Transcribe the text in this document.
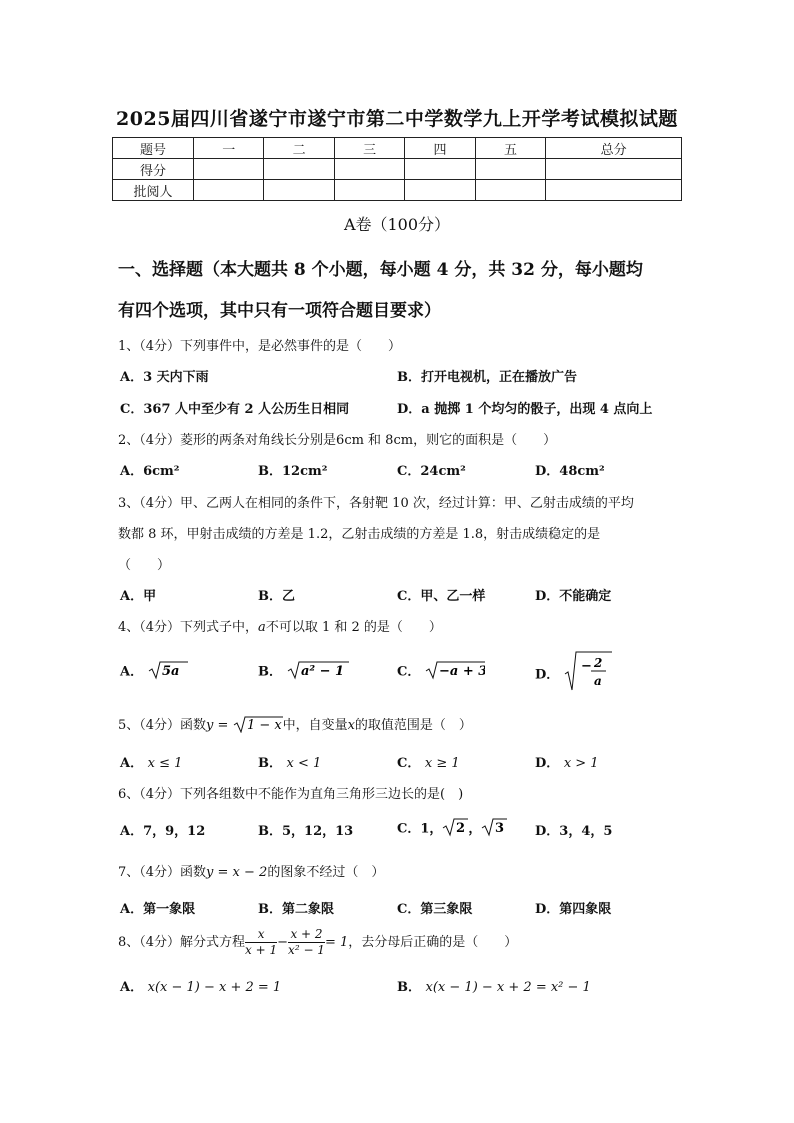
2025届四川省遂宁市遂宁市第二中学数学九上开学考试模拟试题
题号	一	二	三	四	五	总分
得分						
批阅人						
A卷（100分）
一、选择题（本大题共 8 个小题，每小题 4 分，共 32 分，每小题均
有四个选项，其中只有一项符合题目要求）
1、（4分）下列事件中，是必然事件的是（　　）
A．3 天内下雨	B．打开电视机，正在播放广告
C．367 人中至少有 2 人公历生日相同	D．a 抛掷 1 个均匀的骰子，出现 4 点向上
2、（4分）菱形的两条对角线长分别是6cm 和 8cm，则它的面积是（　　）
A．6cm²	B．12cm²	C．24cm²	D．48cm²
3、（4分）甲、乙两人在相同的条件下，各射靶 10 次，经过计算：甲、乙射击成绩的平均
数都 8 环，甲射击成绩的方差是 1.2，乙射击成绩的方差是 1.8，射击成绩稳定的是
（　　）
A．甲	B．乙	C．甲、乙一样	D．不能确定
4、（4分）下列式子中，a不可以取 1 和 2 的是（　　）
A． 5a	B． a² − 1	C． −a + 3	D．
− 2
a
5、（4分）函数y = 1 − x 中，自变量x的取值范围是（　）
A． x ≤ 1	B． x < 1	C． x ≥ 1	D． x > 1
6、（4分）下列各组数中不能作为直角三角形三边长的是(　)
A．7，9，12	B．5，12，13	C．1， 2 ， 3 D．3，4，5
7、（4分）函数y = x − 2的图象不经过（　）
A．第一象限	B．第二象限	C．第三象限	D．第四象限
8、（4分）解分式方程 $\frac{x}{x + 1} - \frac{x + 2}{\text{x² − 1}} = 1$，去分母后正确的是（　　）
A． x(x − 1) − x + 2 = 1	B． x(x − 1) − x + 2 = x² − 1
